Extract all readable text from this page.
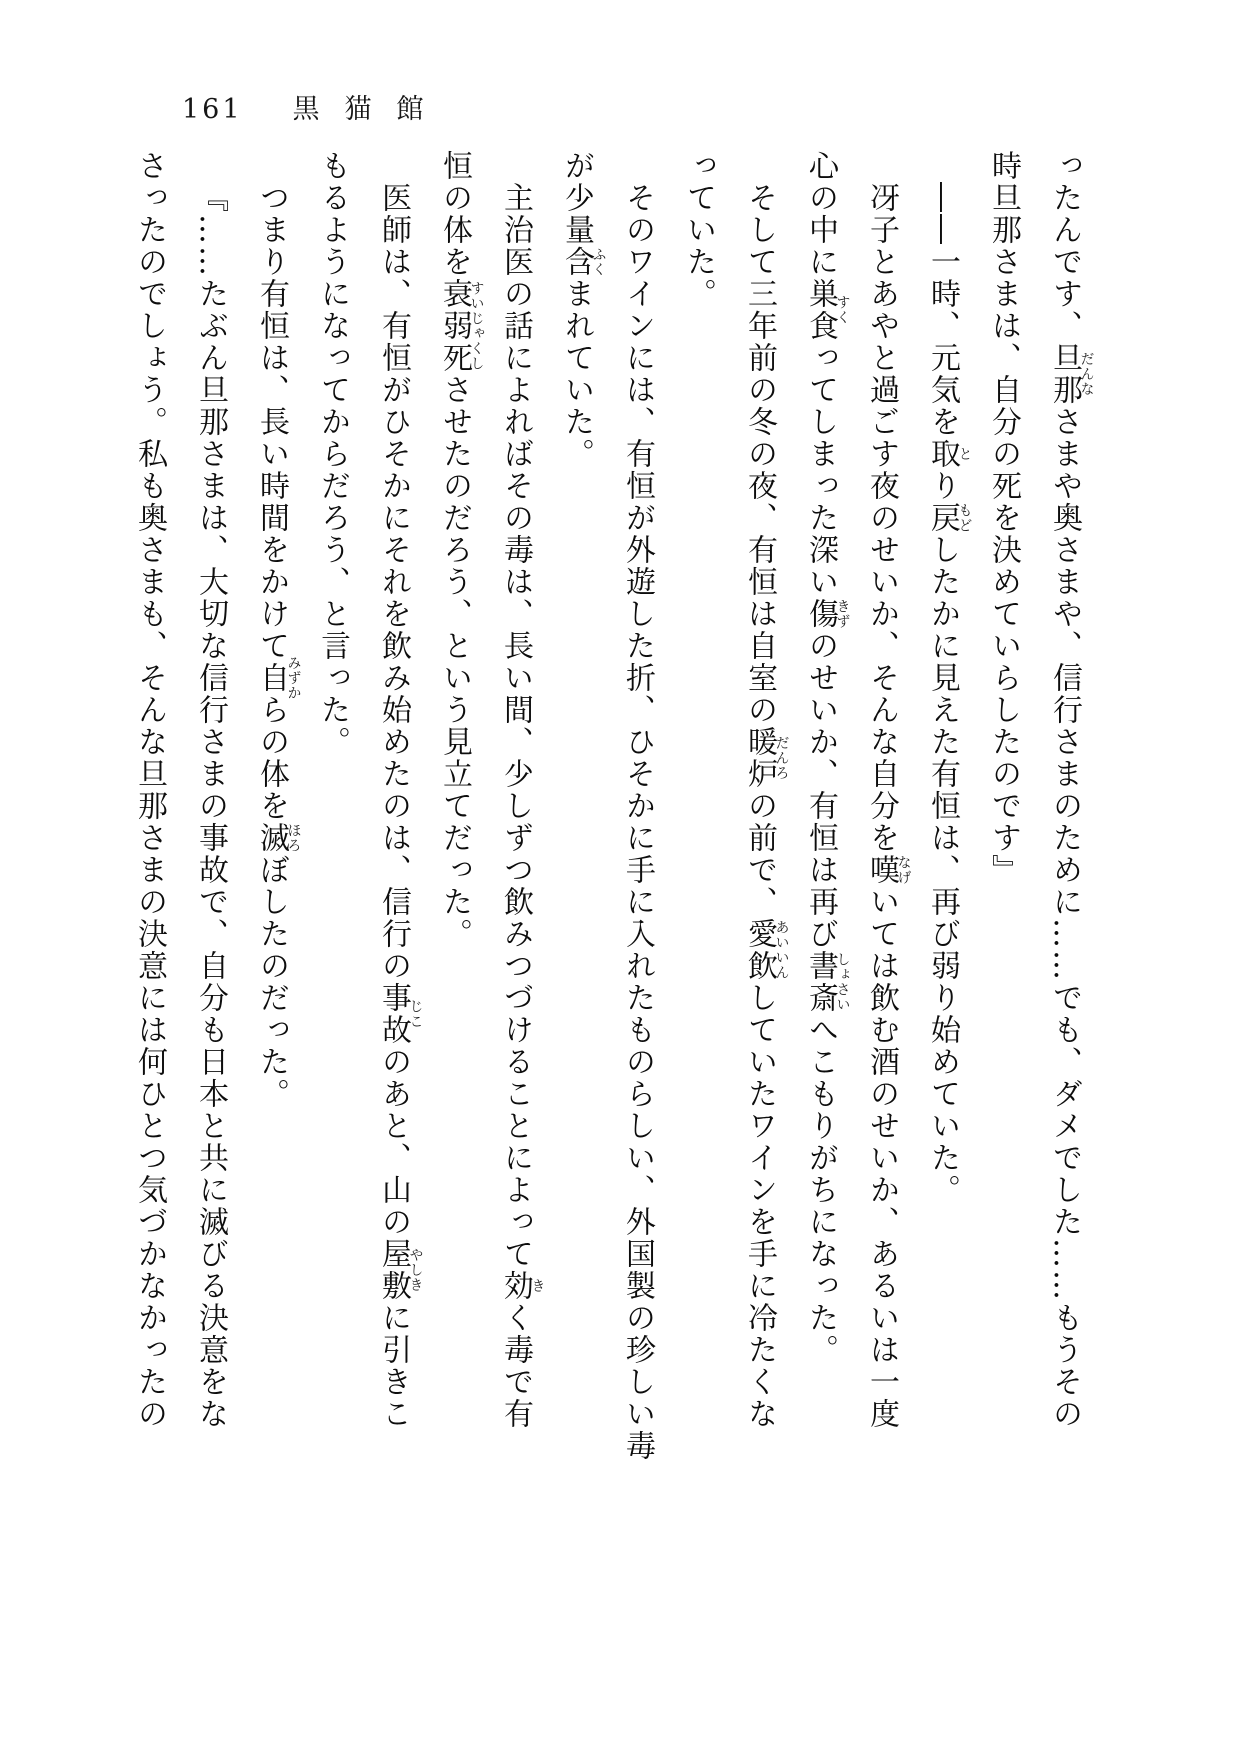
161 黒猫館
ったんです、旦那だんなさまや奥さまや、信行さまのために……でも、ダメでした……もうその
時旦那さまは、自分の死を決めていらしたのです』
――一時、元気を取とり戻もどしたかに見えた有恒は、再び弱り始めていた。
冴子とあやと過ごす夜のせいか、そんな自分を嘆なげいては飲む酒のせいか、あるいは一度
心の中に巣食すくってしまった深い傷きずのせいか、有恒は再び書斎しょさいへこもりがちになった。
そして三年前の冬の夜、有恒は自室の暖炉だんろの前で、愛飲あいいんしていたワインを手に冷たくな
っていた。
そのワインには、有恒が外遊した折、ひそかに手に入れたものらしい、外国製の珍しい毒
が少量含ふくまれていた。
主治医の話によればその毒は、長い間、少しずつ飲みつづけることによって効きく毒で有
恒の体を衰弱死すいじゃくしさせたのだろう、という見立てだった。
医師は、有恒がひそかにそれを飲み始めたのは、信行の事故じこのあと、山の屋敷やしきに引きこ
もるようになってからだろう、と言った。
つまり有恒は、長い時間をかけて自みずからの体を滅ほろぼしたのだった。
『……たぶん旦那さまは、大切な信行さまの事故で、自分も日本と共に滅びる決意をな
さったのでしょう。私も奥さまも、そんな旦那さまの決意には何ひとつ気づかなかったの
